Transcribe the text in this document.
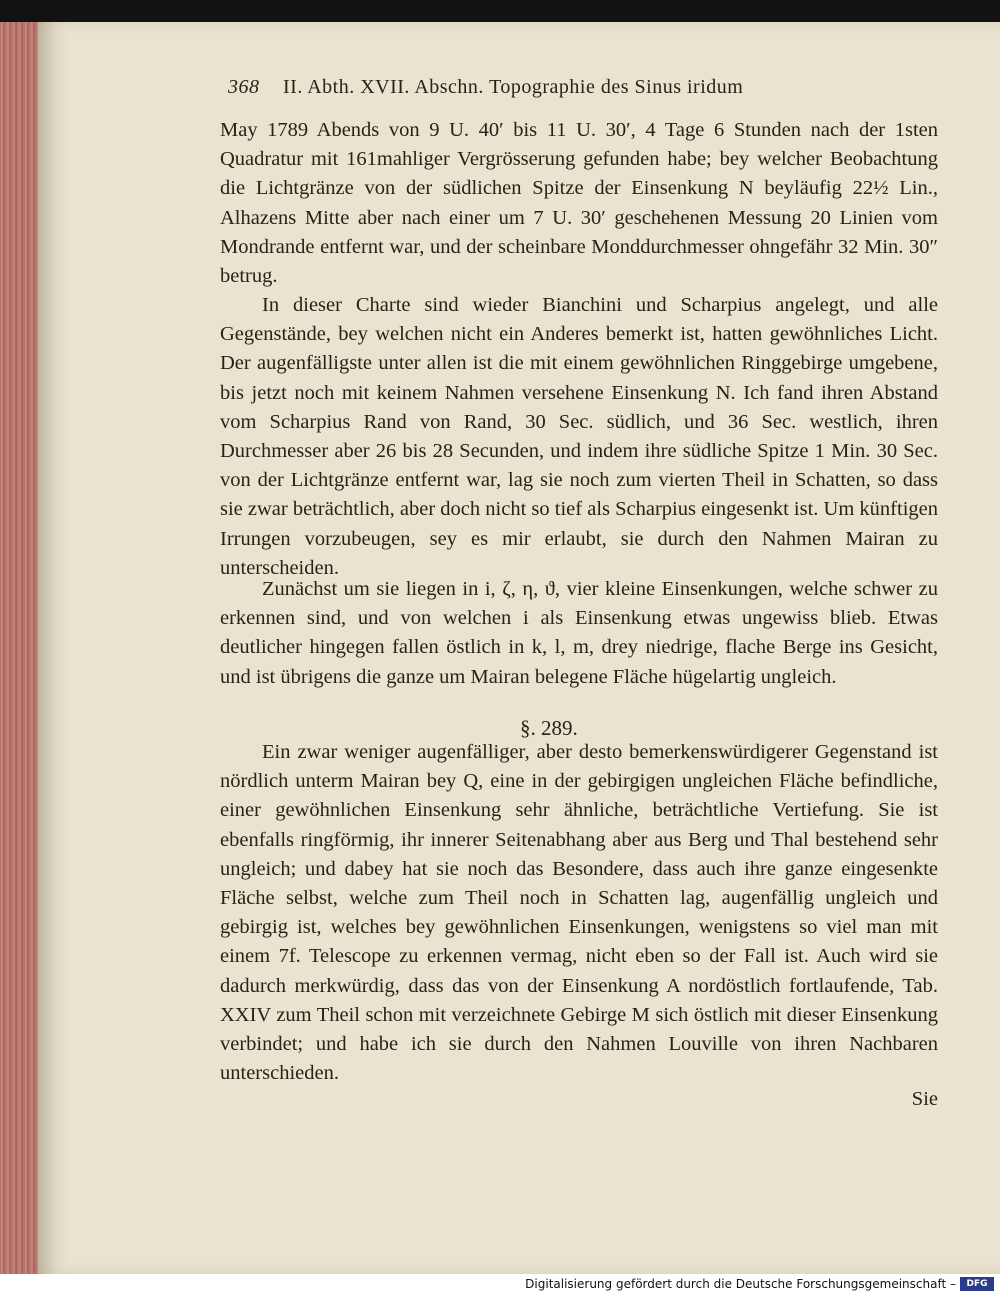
368 II. Abth. XVII. Abschn. Topographie des Sinus iridum

May 1789 Abends von 9 U. 40′ bis 11 U. 30′, 4 Tage 6 Stunden nach der 1sten Quadratur mit 161mahliger Vergrösserung gefunden habe; bey welcher Beobachtung die Lichtgränze von der südlichen Spitze der Einsenkung N beyläufig 22½ Lin., Alhazens Mitte aber nach einer um 7 U. 30′ geschehenen Messung 20 Linien vom Mondrande entfernt war, und der scheinbare Monddurchmesser ohngefähr 32 Min. 30″ betrug.

In dieser Charte sind wieder Bianchini und Scharpius angelegt, und alle Gegenstände, bey welchen nicht ein Anderes bemerkt ist, hatten gewöhnliches Licht. Der augenfälligste unter allen ist die mit einem gewöhnlichen Ringgebirge umgebene, bis jetzt noch mit keinem Nahmen versehene Einsenkung N. Ich fand ihren Abstand vom Scharpius Rand von Rand, 30 Sec. südlich, und 36 Sec. westlich, ihren Durchmesser aber 26 bis 28 Secunden, und indem ihre südliche Spitze 1 Min. 30 Sec. von der Lichtgränze entfernt war, lag sie noch zum vierten Theil in Schatten, so dass sie zwar beträchtlich, aber doch nicht so tief als Scharpius eingesenkt ist. Um künftigen Irrungen vorzubeugen, sey es mir erlaubt, sie durch den Nahmen Mairan zu unterscheiden.

Zunächst um sie liegen in i, ζ, η, ϑ, vier kleine Einsenkungen, welche schwer zu erkennen sind, und von welchen i als Einsenkung etwas ungewiss blieb. Etwas deutlicher hingegen fallen östlich in k, l, m, drey niedrige, flache Berge ins Gesicht, und ist übrigens die ganze um Mairan belegene Fläche hügelartig ungleich.

§. 289.

Ein zwar weniger augenfälliger, aber desto bemerkenswürdigerer Gegenstand ist nördlich unterm Mairan bey Q, eine in der gebirgigen ungleichen Fläche befindliche, einer gewöhnlichen Einsenkung sehr ähnliche, beträchtliche Vertiefung. Sie ist ebenfalls ringförmig, ihr innerer Seitenabhang aber aus Berg und Thal bestehend sehr ungleich; und dabey hat sie noch das Besondere, dass auch ihre ganze eingesenkte Fläche selbst, welche zum Theil noch in Schatten lag, augenfällig ungleich und gebirgig ist, welches bey gewöhnlichen Einsenkungen, wenigstens so viel man mit einem 7f. Telescope zu erkennen vermag, nicht eben so der Fall ist. Auch wird sie dadurch merkwürdig, dass das von der Einsenkung A nordöstlich fortlaufende, Tab. XXIV zum Theil schon mit verzeichnete Gebirge M sich östlich mit dieser Einsenkung verbindet; und habe ich sie durch den Nahmen Louville von ihren Nachbaren unterschieden.

Sie
Digitalisierung gefördert durch die Deutsche Forschungsgemeinschaft –	DFG
